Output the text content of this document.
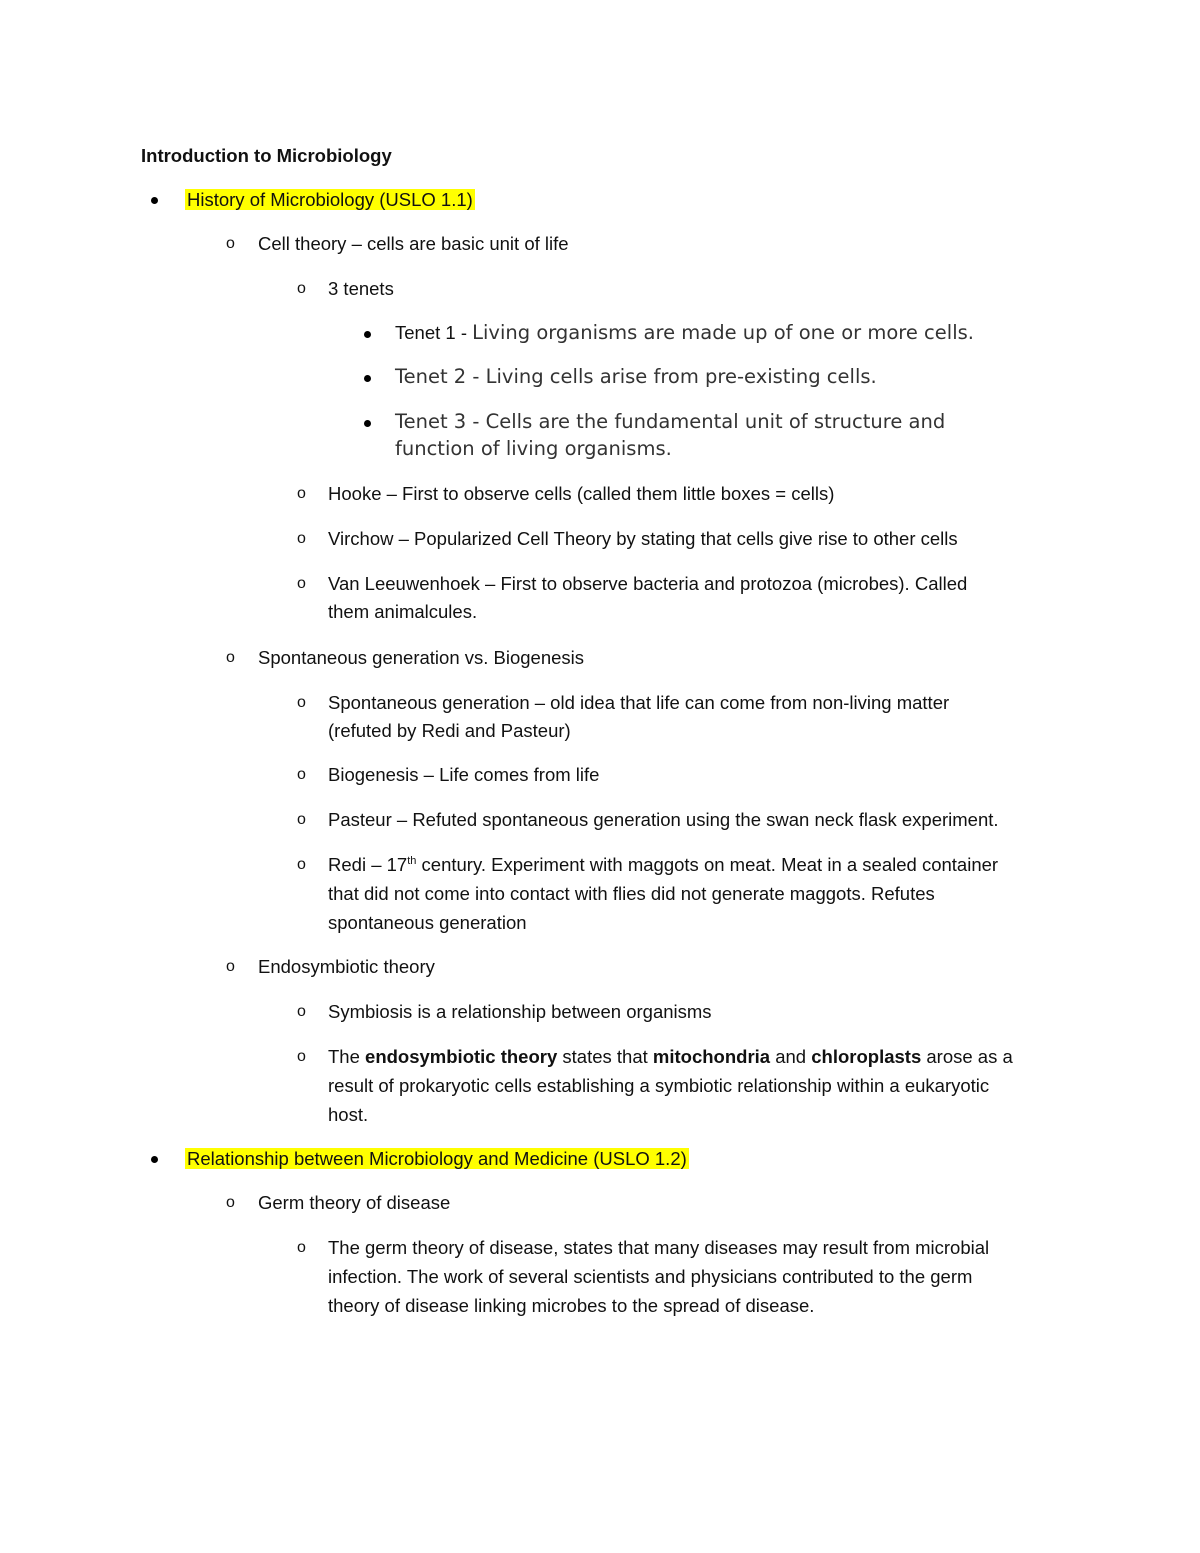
Introduction to Microbiology
History of Microbiology (USLO 1.1)
o Cell theory – cells are basic unit of life
o 3 tenets
Tenet 1 - Living organisms are made up of one or more cells.
Tenet 2 - Living cells arise from pre-existing cells.
Tenet 3 - Cells are the fundamental unit of structure and
function of living organisms.
o Hooke – First to observe cells (called them little boxes = cells)
o Virchow – Popularized Cell Theory by stating that cells give rise to other cells
o Van Leeuwenhoek – First to observe bacteria and protozoa (microbes). Called
them animalcules.
o Spontaneous generation vs. Biogenesis
o Spontaneous generation – old idea that life can come from non-living matter
(refuted by Redi and Pasteur)
o Biogenesis – Life comes from life
o Pasteur – Refuted spontaneous generation using the swan neck flask experiment.
o Redi – 17th century. Experiment with maggots on meat. Meat in a sealed container
that did not come into contact with flies did not generate maggots. Refutes
spontaneous generation
o Endosymbiotic theory
o Symbiosis is a relationship between organisms
o The endosymbiotic theory states that mitochondria and chloroplasts arose as a
result of prokaryotic cells establishing a symbiotic relationship within a eukaryotic
host.
Relationship between Microbiology and Medicine (USLO 1.2)
o Germ theory of disease
o The germ theory of disease, states that many diseases may result from microbial
infection. The work of several scientists and physicians contributed to the germ
theory of disease linking microbes to the spread of disease.
